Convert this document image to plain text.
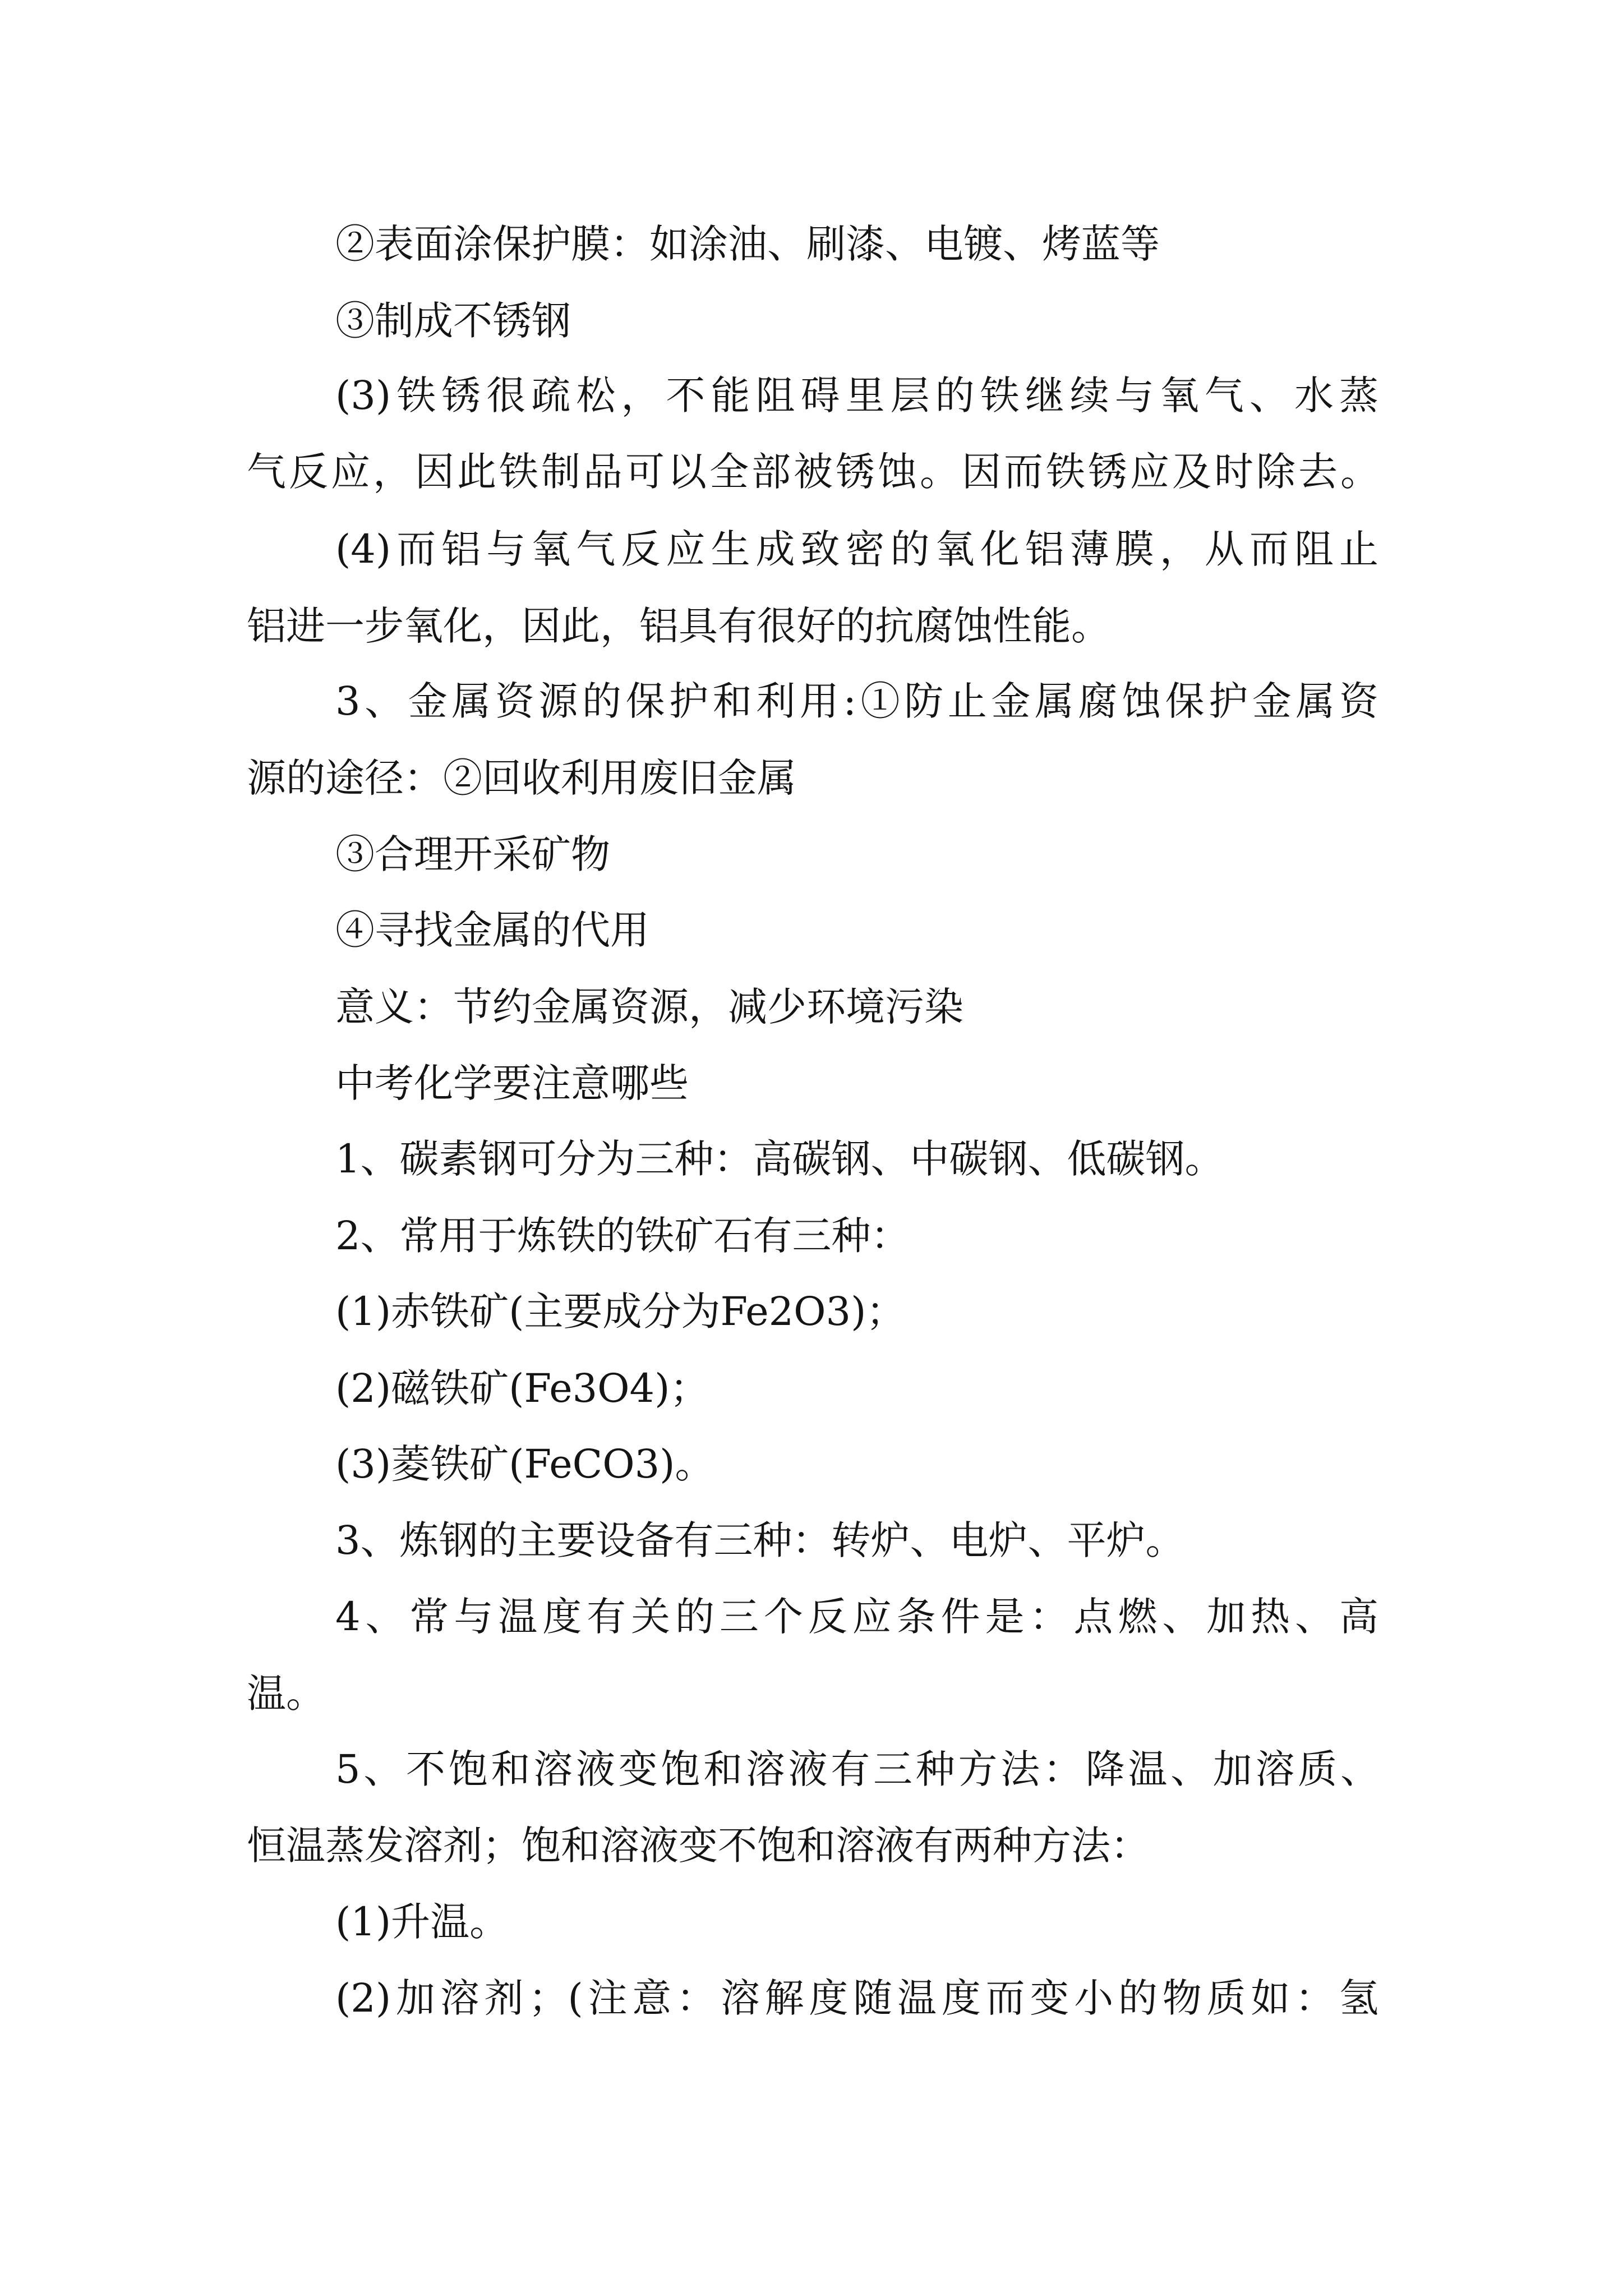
②表面涂保护膜：如涂油、刷漆、电镀、烤蓝等

③制成不锈钢

(3)铁锈很疏松，不能阻碍里层的铁继续与氧气、水蒸

气反应，因此铁制品可以全部被锈蚀。因而铁锈应及时除去。

(4)而铝与氧气反应生成致密的氧化铝薄膜，从而阻止

铝进一步氧化，因此，铝具有很好的抗腐蚀性能。

3、金属资源的保护和利用:①防止金属腐蚀保护金属资

源的途径：②回收利用废旧金属

③合理开采矿物

④寻找金属的代用

意义：节约金属资源，减少环境污染

中考化学要注意哪些

1、碳素钢可分为三种：高碳钢、中碳钢、低碳钢。

2、常用于炼铁的铁矿石有三种：

(1)赤铁矿(主要成分为Fe2O3)；

(2)磁铁矿(Fe3O4)；

(3)菱铁矿(FeCO3)。

3、炼钢的主要设备有三种：转炉、电炉、平炉。

4、常与温度有关的三个反应条件是：点燃、加热、高

温。

5、不饱和溶液变饱和溶液有三种方法：降温、加溶质、

恒温蒸发溶剂；饱和溶液变不饱和溶液有两种方法：

(1)升温。

(2)加溶剂；(注意：溶解度随温度而变小的物质如：氢
